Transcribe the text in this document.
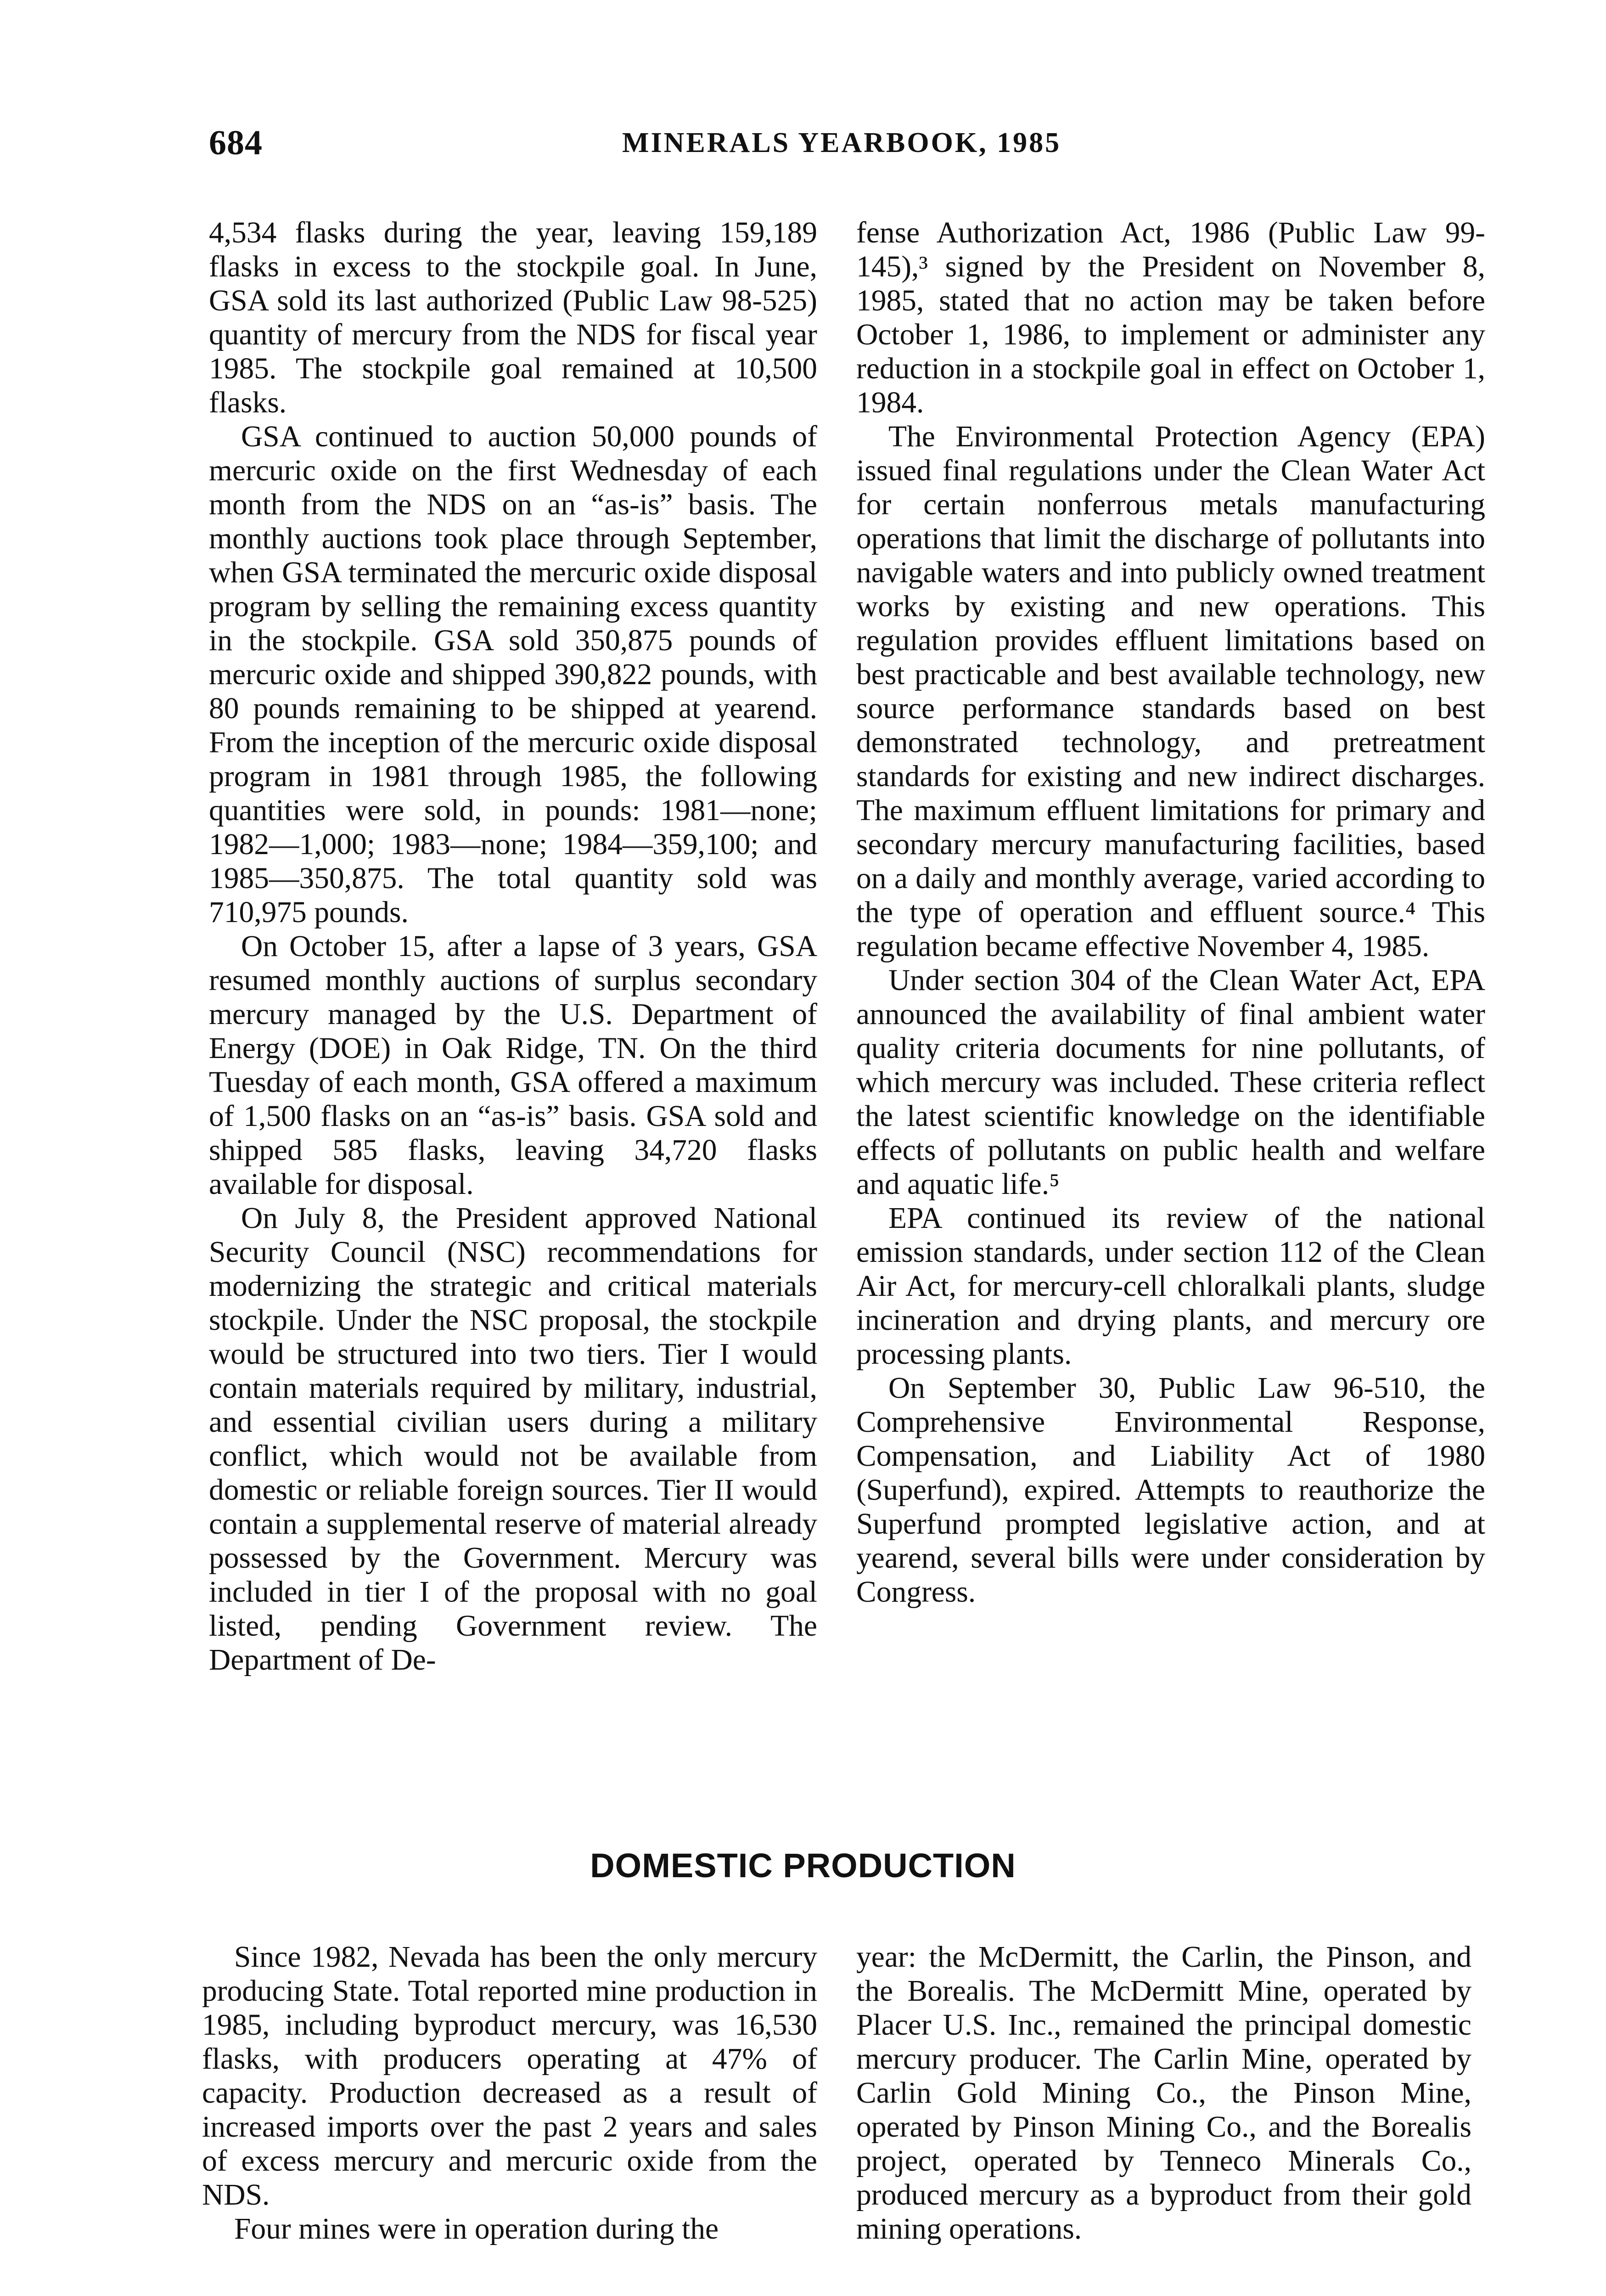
684	MINERALS YEARBOOK, 1985

4,534 flasks during the year, leaving 159,189 flasks in excess to the stockpile goal. In June, GSA sold its last authorized (Public Law 98-525) quantity of mercury from the NDS for fiscal year 1985. The stockpile goal remained at 10,500 flasks.

GSA continued to auction 50,000 pounds of mercuric oxide on the first Wednesday of each month from the NDS on an “as-is” basis. The monthly auctions took place through September, when GSA terminated the mercuric oxide disposal program by selling the remaining excess quantity in the stockpile. GSA sold 350,875 pounds of mercuric oxide and shipped 390,822 pounds, with 80 pounds remaining to be shipped at yearend. From the inception of the mercuric oxide disposal program in 1981 through 1985, the following quantities were sold, in pounds: 1981—none; 1982—1,000; 1983—none; 1984—359,100; and 1985—350,875. The total quantity sold was 710,975 pounds.

On October 15, after a lapse of 3 years, GSA resumed monthly auctions of surplus secondary mercury managed by the U.S. Department of Energy (DOE) in Oak Ridge, TN. On the third Tuesday of each month, GSA offered a maximum of 1,500 flasks on an “as-is” basis. GSA sold and shipped 585 flasks, leaving 34,720 flasks available for disposal.

On July 8, the President approved National Security Council (NSC) recommendations for modernizing the strategic and critical materials stockpile. Under the NSC proposal, the stockpile would be structured into two tiers. Tier I would contain materials required by military, industrial, and essential civilian users during a military conflict, which would not be available from domestic or reliable foreign sources. Tier II would contain a supplemental reserve of material already possessed by the Government. Mercury was included in tier I of the proposal with no goal listed, pending Government review. The Department of De-

fense Authorization Act, 1986 (Public Law 99-145),³ signed by the President on November 8, 1985, stated that no action may be taken before October 1, 1986, to implement or administer any reduction in a stockpile goal in effect on October 1, 1984.

The Environmental Protection Agency (EPA) issued final regulations under the Clean Water Act for certain nonferrous metals manufacturing operations that limit the discharge of pollutants into navigable waters and into publicly owned treatment works by existing and new operations. This regulation provides effluent limitations based on best practicable and best available technology, new source performance standards based on best demonstrated technology, and pretreatment standards for existing and new indirect discharges. The maximum effluent limitations for primary and secondary mercury manufacturing facilities, based on a daily and monthly average, varied according to the type of operation and effluent source.⁴ This regulation became effective November 4, 1985.

Under section 304 of the Clean Water Act, EPA announced the availability of final ambient water quality criteria documents for nine pollutants, of which mercury was included. These criteria reflect the latest scientific knowledge on the identifiable effects of pollutants on public health and welfare and aquatic life.⁵

EPA continued its review of the national emission standards, under section 112 of the Clean Air Act, for mercury-cell chloralkali plants, sludge incineration and drying plants, and mercury ore processing plants.

On September 30, Public Law 96-510, the Comprehensive Environmental Response, Compensation, and Liability Act of 1980 (Superfund), expired. Attempts to reauthorize the Superfund prompted legislative action, and at yearend, several bills were under consideration by Congress.

DOMESTIC PRODUCTION

Since 1982, Nevada has been the only mercury producing State. Total reported mine production in 1985, including byproduct mercury, was 16,530 flasks, with producers operating at 47% of capacity. Production decreased as a result of increased imports over the past 2 years and sales of excess mercury and mercuric oxide from the NDS.

Four mines were in operation during the

year: the McDermitt, the Carlin, the Pinson, and the Borealis. The McDermitt Mine, operated by Placer U.S. Inc., remained the principal domestic mercury producer. The Carlin Mine, operated by Carlin Gold Mining Co., the Pinson Mine, operated by Pinson Mining Co., and the Borealis project, operated by Tenneco Minerals Co., produced mercury as a byproduct from their gold mining operations.
